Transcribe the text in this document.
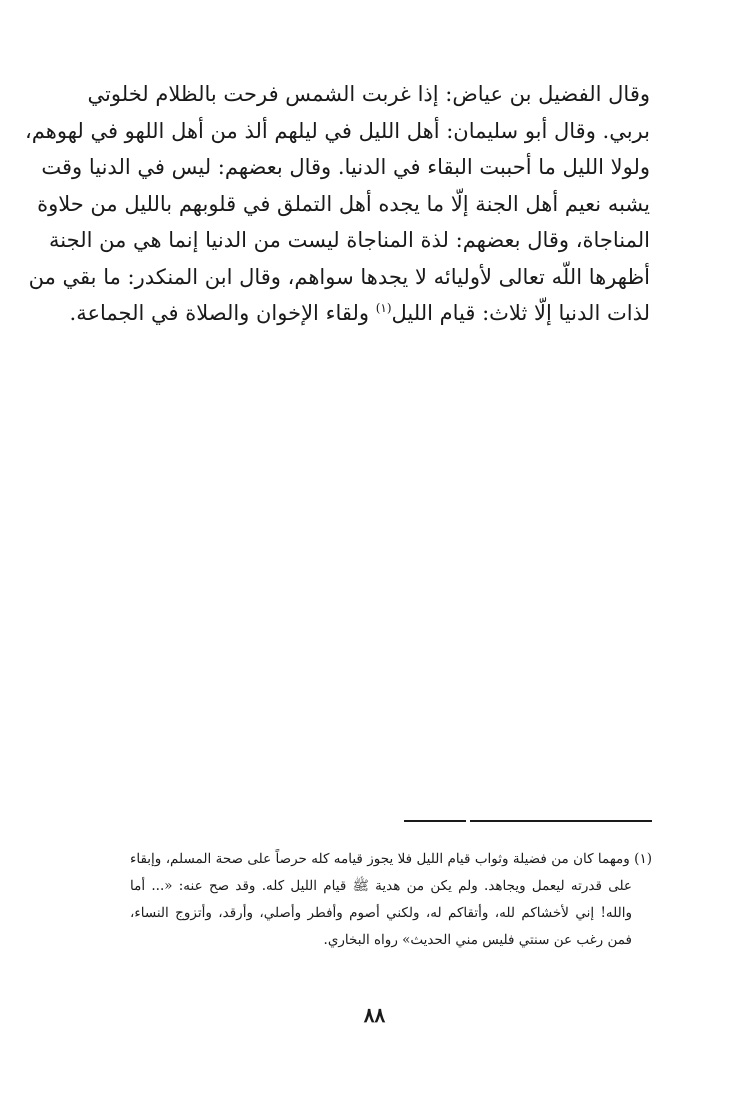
وقال الفضيل بن عياض: إذا غربت الشمس فرحت بالظلام لخلوتي
بربي. وقال أبو سليمان: أهل الليل في ليلهم ألذ من أهل اللهو في لهوهم،
ولولا الليل ما أحببت البقاء في الدنيا. وقال بعضهم: ليس في الدنيا وقت
يشبه نعيم أهل الجنة إلّا ما يجده أهل التملق في قلوبهم بالليل من حلاوة
المناجاة، وقال بعضهم: لذة المناجاة ليست من الدنيا إنما هي من الجنة
أظهرها اللّه تعالى لأوليائه لا يجدها سواهم، وقال ابن المنكدر: ما بقي من
لذات الدنيا إلّا ثلاث: قيام الليل$^{(١)}$ ولقاء الإخوان والصلاة في الجماعة.
(١) ومهما كان من فضيلة وثواب قيام الليل فلا يجوز قيامه كله حرصاً على صحة المسلم، وإبقاء
على قدرته ليعمل ويجاهد. ولم يكن من هدية ﷺ قيام الليل كله. وقد صح عنه: «... أما
والله! إني لأخشاكم لله، وأتقاكم له، ولكني أصوم وأفطر وأصلي، وأرقد، وأتزوج النساء،
فمن رغب عن سنتي فليس مني الحديث» رواه البخاري.
٨٨
